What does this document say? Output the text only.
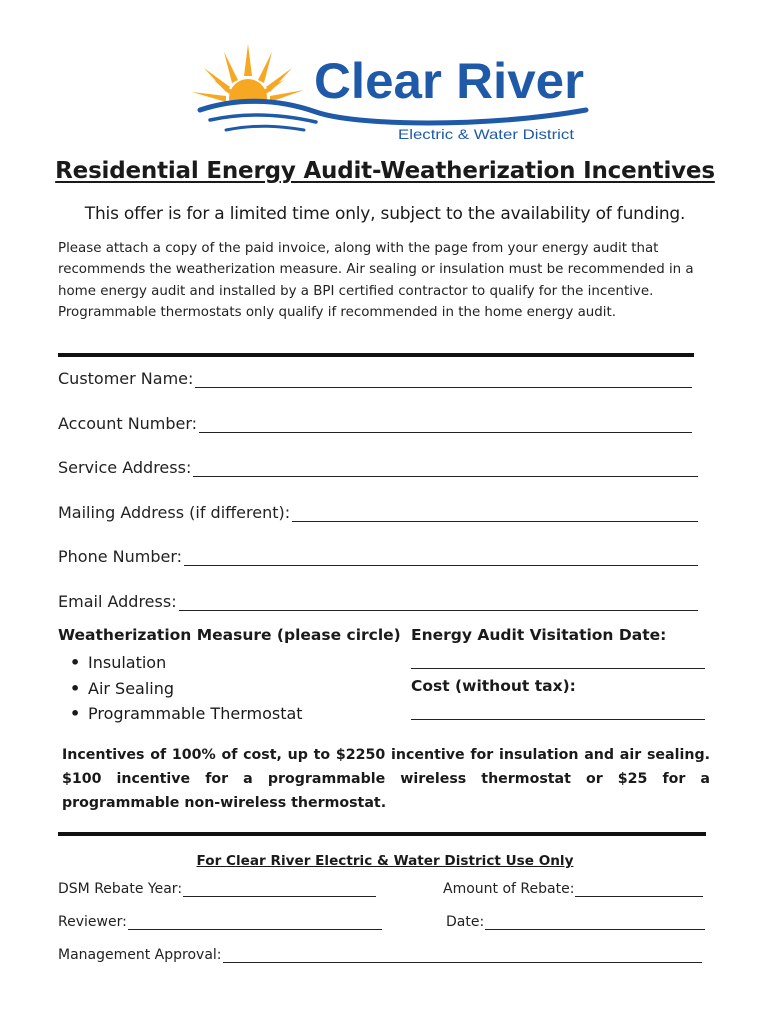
Clear River
Electric & Water District
Residential Energy Audit-Weatherization Incentives
This offer is for a limited time only, subject to the availability of funding.
Please attach a copy of the paid invoice, along with the page from your energy audit that recommends the weatherization measure. Air sealing or insulation must be recommended in a home energy audit and installed by a BPI certified contractor to qualify for the incentive. Programmable thermostats only qualify if recommended in the home energy audit.
Customer Name:
Account Number:
Service Address:
Mailing Address (if different):
Phone Number:
Email Address:
Weatherization Measure (please circle)
• Insulation
• Air Sealing
• Programmable Thermostat
Energy Audit Visitation Date:
Cost (without tax):
Incentives of 100% of cost, up to $2250 incentive for insulation and air sealing. $100 incentive for a programmable wireless thermostat or $25 for a programmable non-wireless thermostat.
For Clear River Electric & Water District Use Only
DSM Rebate Year:	Amount of Rebate:
Reviewer:	Date:
Management Approval:
